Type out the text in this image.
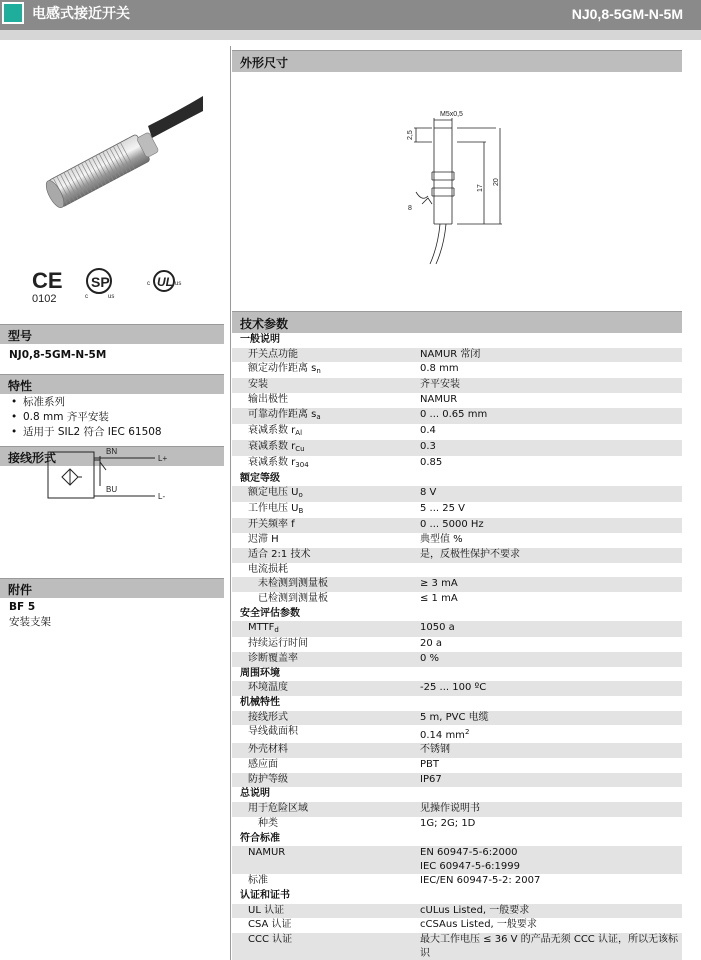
电感式接近开关	NJ0,8-5GM-N-5M
CE
0102
SP
c	us
UL
c	us
型号
NJ0,8-5GM-N-5M
特性
• 标准系列
• 0.8 mm 齐平安装
• 适用于 SIL2 符合 IEC 61508
接线形式	BN
BU
L+
L-
附件
BF 5
安装支架
外形尺寸
M5x0,5
2,5
17
20
8
技术参数
一般说明	
开关点功能	NAMUR 常闭
额定动作距离 $s_n$	0.8 mm
安装	齐平安装
输出极性	NAMUR
可靠动作距离 $s_a$	0 ... 0.65 mm
衰减系数 $r_{Al}$	0.4
衰减系数 $r_{Cu}$	0.3
衰减系数 $r_{304}$	0.85
额定等级	
额定电压 $U_o$	8 V
工作电压 $U_B$	5 ... 25 V
开关频率 f	0 ... 5000 Hz
迟滞 H	典型值 %
适合 2:1 技术	是，反极性保护不要求
电流损耗	
未检测到测量板	≥ 3 mA
已检测到测量板	≤ 1 mA
安全评估参数	
$MTTF_d$	1050 a
持续运行时间	20 a
诊断覆盖率	0 %
周围环境	
环境温度	-25 ... 100 ºC
机械特性	
接线形式	5 m, PVC 电缆
导线截面积	0.14 $mm^2$
外壳材料	不锈钢
感应面	PBT
防护等级	IP67
总说明	
用于危险区域	见操作说明书
种类	1G; 2G; 1D
符合标准	
NAMUR	EN 60947-5-6:2000
IEC 60947-5-6:1999

标准	IEC/EN 60947-5-2: 2007
认证和证书	
UL 认证	cULus Listed, 一般要求
CSA 认证	cCSAus Listed, 一般要求
CCC 认证	最大工作电压 ≤ 36 V 的产品无须 CCC 认证，所以无该标识
